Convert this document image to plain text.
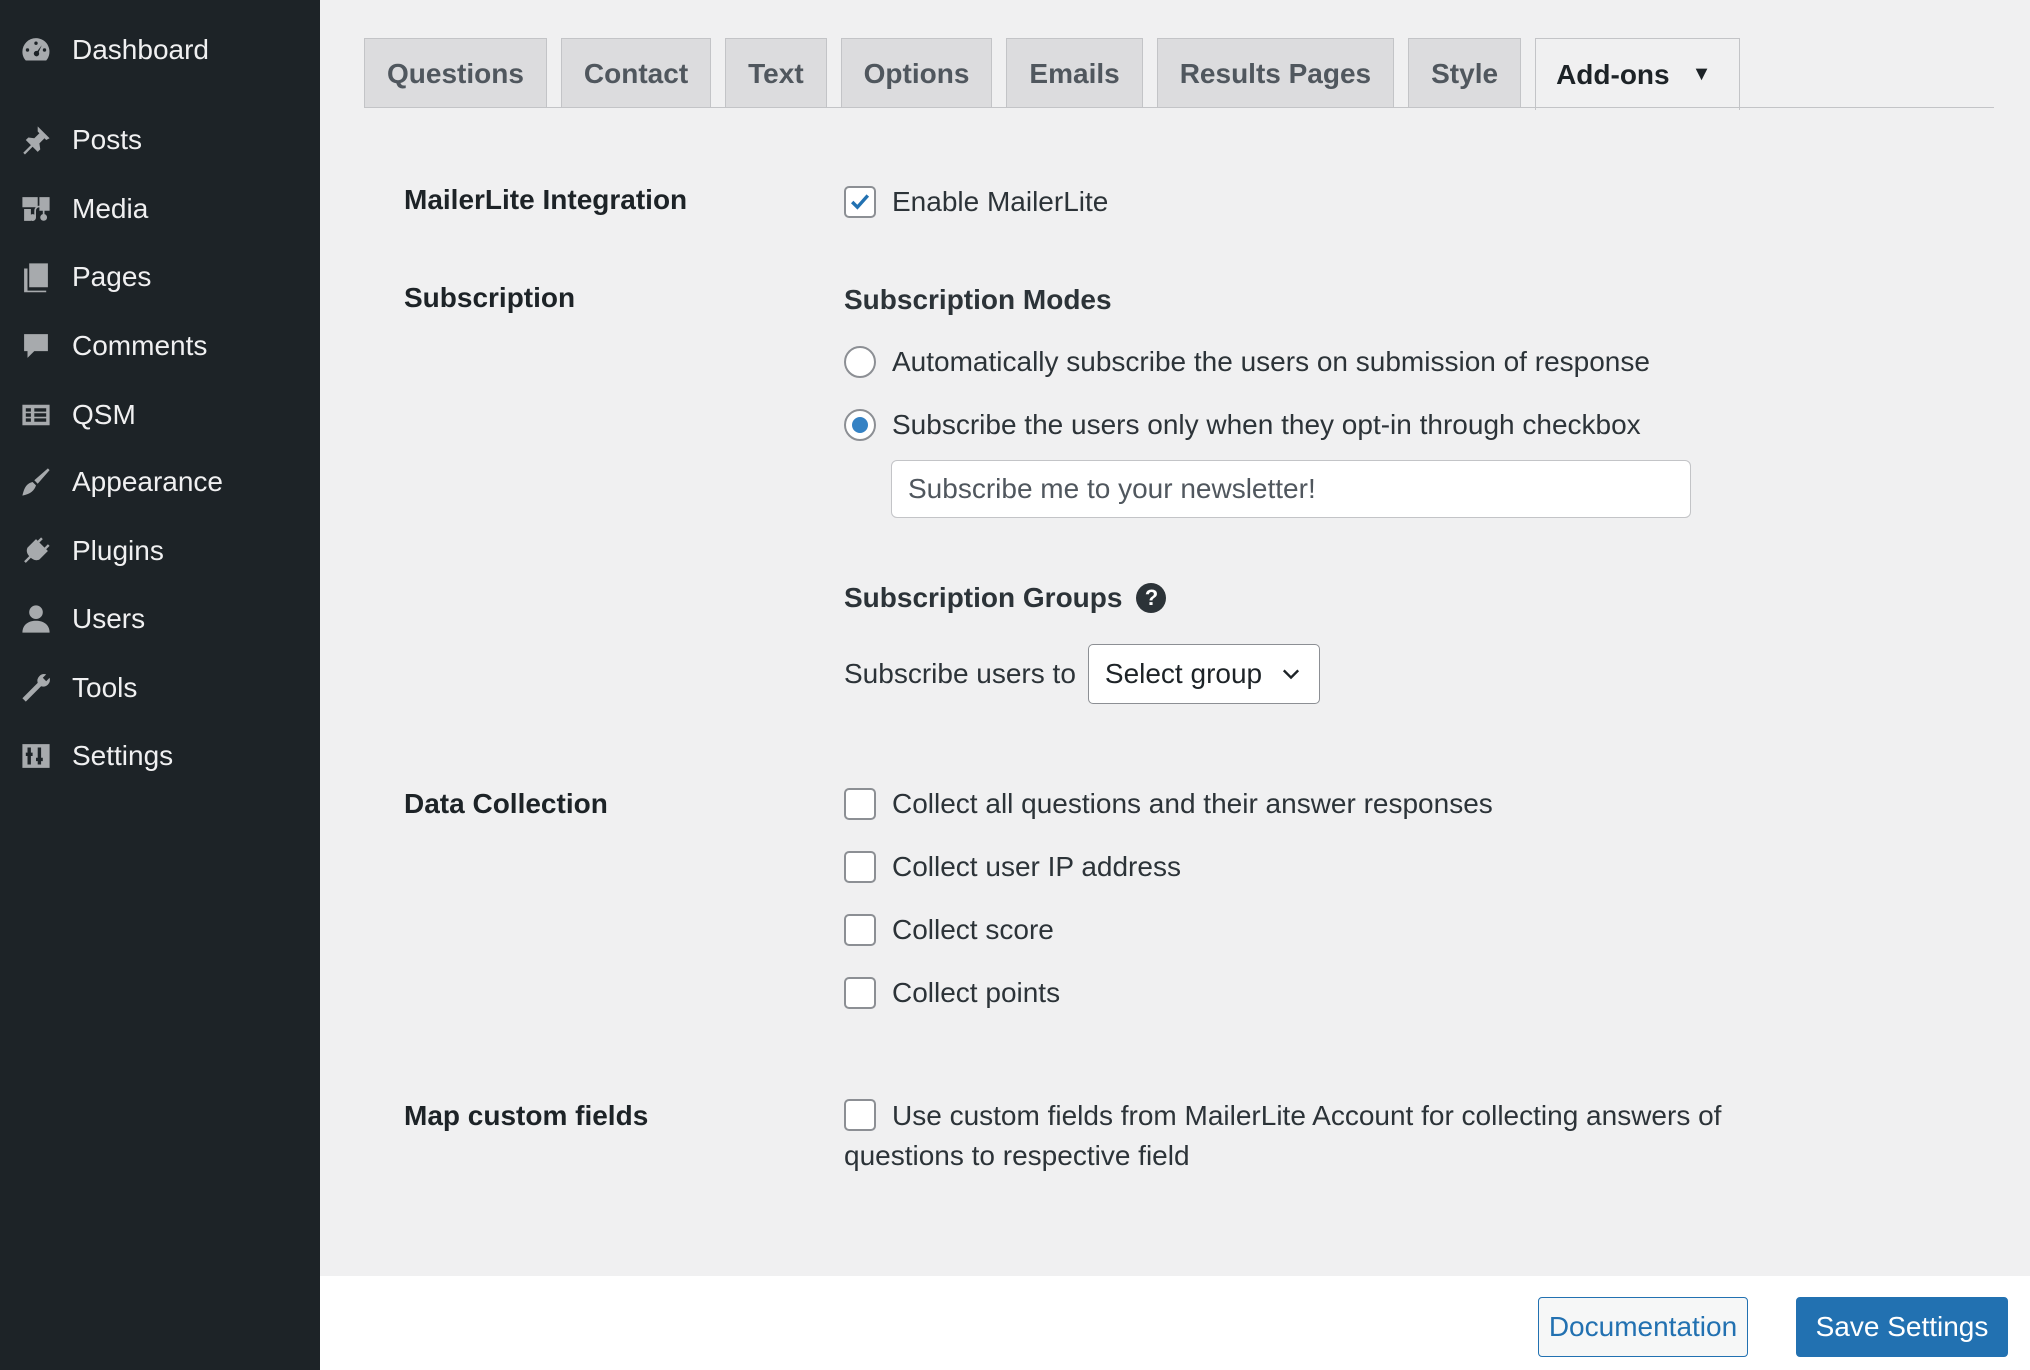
Dashboard
Posts
Media
Pages
Comments
QSM
Appearance
Plugins
Users
Tools
Settings
Questions	Contact	Text	Options	Emails	Results Pages	Style	Add-ons ▼
MailerLite Integration	Enable MailerLite
Subscription	Subscription Modes
Automatically subscribe the users on submission of response
Subscribe the users only when they opt-in through checkbox
Subscribe me to your newsletter!
Subscription Groups	?
Subscribe users to Select group
Data Collection	Collect all questions and their answer responses
Collect user IP address
Collect score
Collect points
Map custom fields	Use custom fields from MailerLite Account for collecting answers of questions to respective field
Documentation	Save Settings
